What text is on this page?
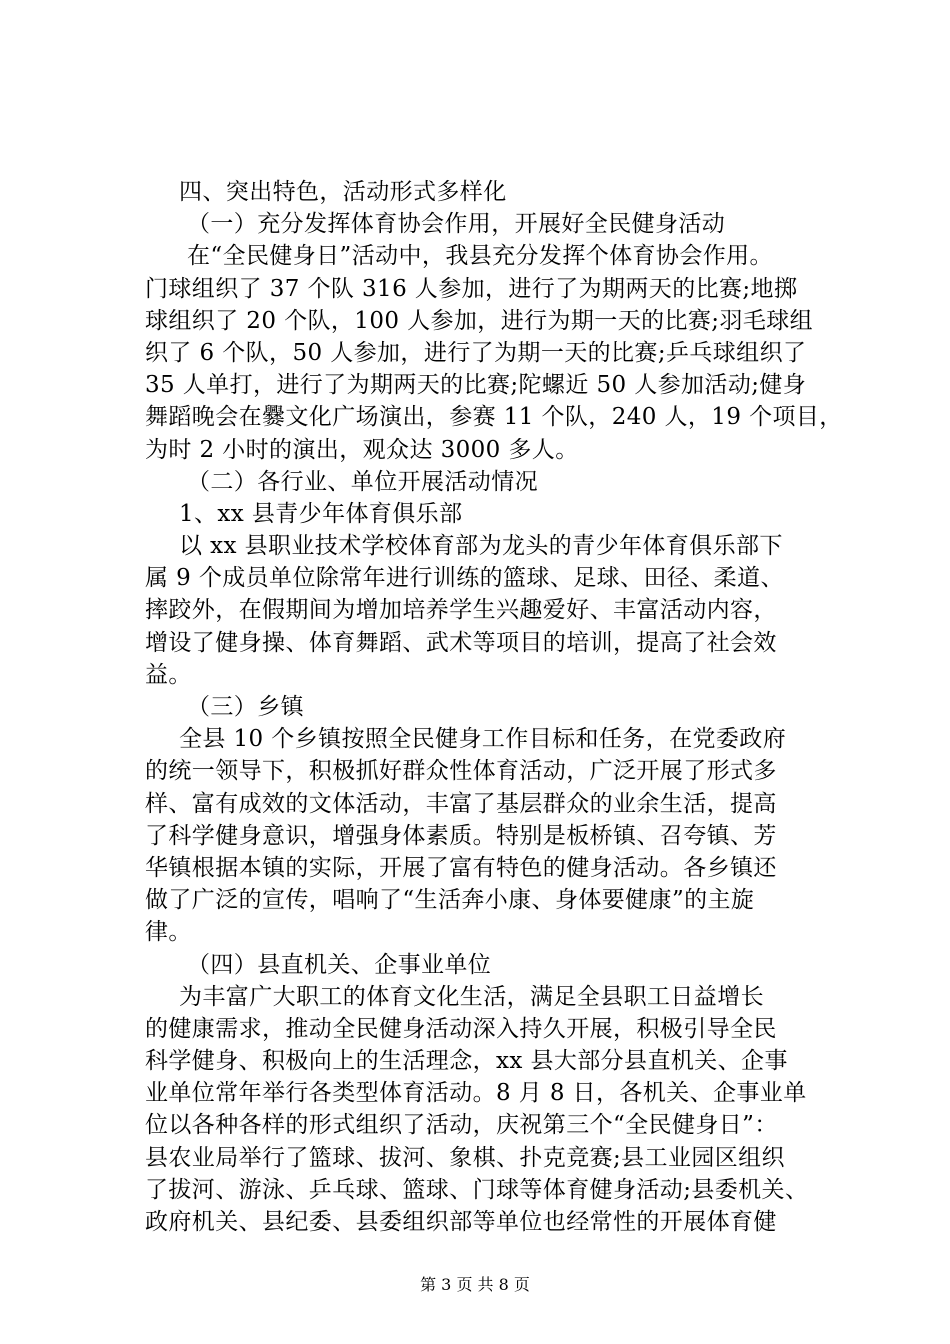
四、突出特色，活动形式多样化
（一）充分发挥体育协会作用，开展好全民健身活动
在“全民健身日”活动中，我县充分发挥个体育协会作用。
门球组织了 37 个队 316 人参加，进行了为期两天的比赛;地掷
球组织了 20 个队，100 人参加，进行为期一天的比赛;羽毛球组
织了 6 个队，50 人参加，进行了为期一天的比赛;乒乓球组织了
35 人单打，进行了为期两天的比赛;陀螺近 50 人参加活动;健身
舞蹈晚会在爨文化广场演出，参赛 11 个队，240 人，19 个项目，
为时 2 小时的演出，观众达 3000 多人。
（二）各行业、单位开展活动情况
1、xx 县青少年体育俱乐部
以 xx 县职业技术学校体育部为龙头的青少年体育俱乐部下
属 9 个成员单位除常年进行训练的篮球、足球、田径、柔道、
摔跤外，在假期间为增加培养学生兴趣爱好、丰富活动内容，
增设了健身操、体育舞蹈、武术等项目的培训，提高了社会效
益。
（三）乡镇
全县 10 个乡镇按照全民健身工作目标和任务，在党委政府
的统一领导下，积极抓好群众性体育活动，广泛开展了形式多
样、富有成效的文体活动，丰富了基层群众的业余生活，提高
了科学健身意识，增强身体素质。特别是板桥镇、召夸镇、芳
华镇根据本镇的实际，开展了富有特色的健身活动。各乡镇还
做了广泛的宣传，唱响了“生活奔小康、身体要健康”的主旋
律。
（四）县直机关、企事业单位
为丰富广大职工的体育文化生活，满足全县职工日益增长
的健康需求，推动全民健身活动深入持久开展，积极引导全民
科学健身、积极向上的生活理念，xx 县大部分县直机关、企事
业单位常年举行各类型体育活动。8 月 8 日，各机关、企事业单
位以各种各样的形式组织了活动，庆祝第三个“全民健身日”：
县农业局举行了篮球、拔河、象棋、扑克竞赛;县工业园区组织
了拔河、游泳、乒乓球、篮球、门球等体育健身活动;县委机关、
政府机关、县纪委、县委组织部等单位也经常性的开展体育健
第 3 页 共 8 页
